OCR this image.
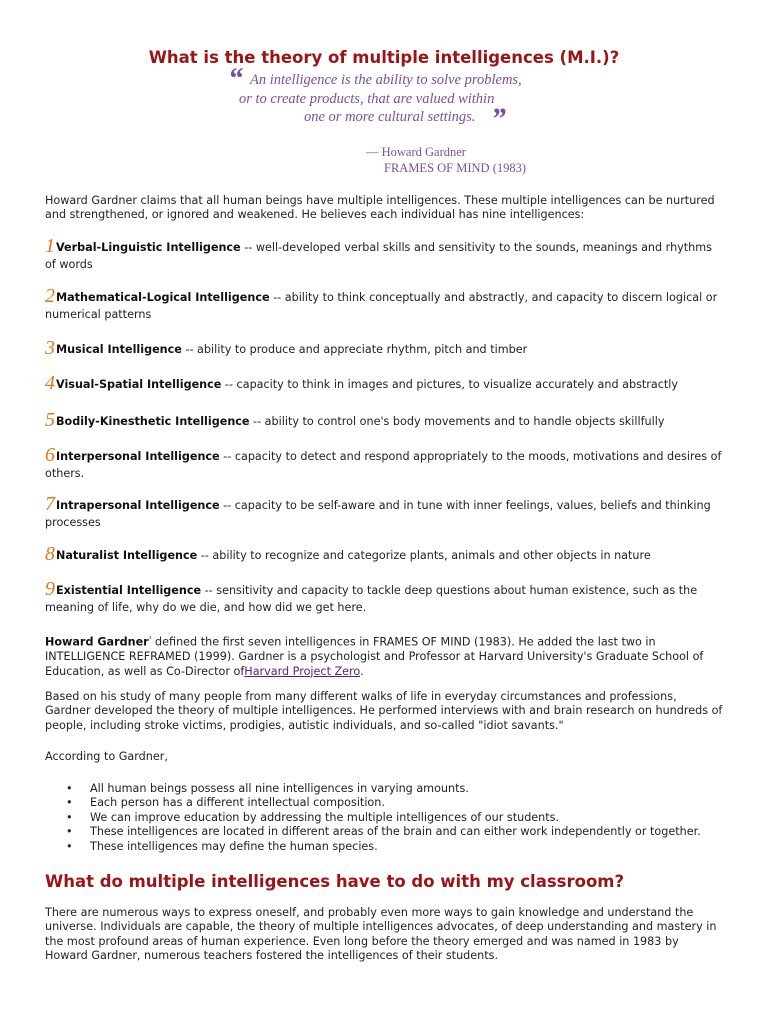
What is the theory of multiple intelligences (M.I.)?
“ An intelligence is the ability to solve problems,
or to create products, that are valued within
one or more cultural settings. ”
— Howard Gardner
FRAMES OF MIND (1983)

Howard Gardner claims that all human beings have multiple intelligences. These multiple intelligences can be nurtured and strengthened, or ignored and weakened. He believes each individual has nine intelligences:

1Verbal-Linguistic Intelligence -- well-developed verbal skills and sensitivity to the sounds, meanings and rhythms of words
2Mathematical-Logical Intelligence -- ability to think conceptually and abstractly, and capacity to discern logical or numerical patterns
3Musical Intelligence -- ability to produce and appreciate rhythm, pitch and timber
4Visual-Spatial Intelligence -- capacity to think in images and pictures, to visualize accurately and abstractly
5Bodily-Kinesthetic Intelligence -- ability to control one's body movements and to handle objects skillfully
6Interpersonal Intelligence -- capacity to detect and respond appropriately to the moods, motivations and desires of others.
7Intrapersonal Intelligence -- capacity to be self-aware and in tune with inner feelings, values, beliefs and thinking processes
8Naturalist Intelligence -- ability to recognize and categorize plants, animals and other objects in nature
9Existential Intelligence -- sensitivity and capacity to tackle deep questions about human existence, such as the meaning of life, why do we die, and how did we get here.

Howard Gardner$^{^1}$ defined the first seven intelligences in FRAMES OF MIND (1983). He added the last two in INTELLIGENCE REFRAMED (1999). Gardner is a psychologist and Professor at Harvard University's Graduate School of Education, as well as Co-Director ofHarvard Project Zero.

Based on his study of many people from many different walks of life in everyday circumstances and professions, Gardner developed the theory of multiple intelligences. He performed interviews with and brain research on hundreds of people, including stroke victims, prodigies, autistic individuals, and so-called "idiot savants."

According to Gardner,

• All human beings possess all nine intelligences in varying amounts.
• Each person has a different intellectual composition.
• We can improve education by addressing the multiple intelligences of our students.
• These intelligences are located in different areas of the brain and can either work independently or together.
• These intelligences may define the human species.
What do multiple intelligences have to do with my classroom?

There are numerous ways to express oneself, and probably even more ways to gain knowledge and understand the universe. Individuals are capable, the theory of multiple intelligences advocates, of deep understanding and mastery in the most profound areas of human experience. Even long before the theory emerged and was named in 1983 by Howard Gardner, numerous teachers fostered the intelligences of their students.
